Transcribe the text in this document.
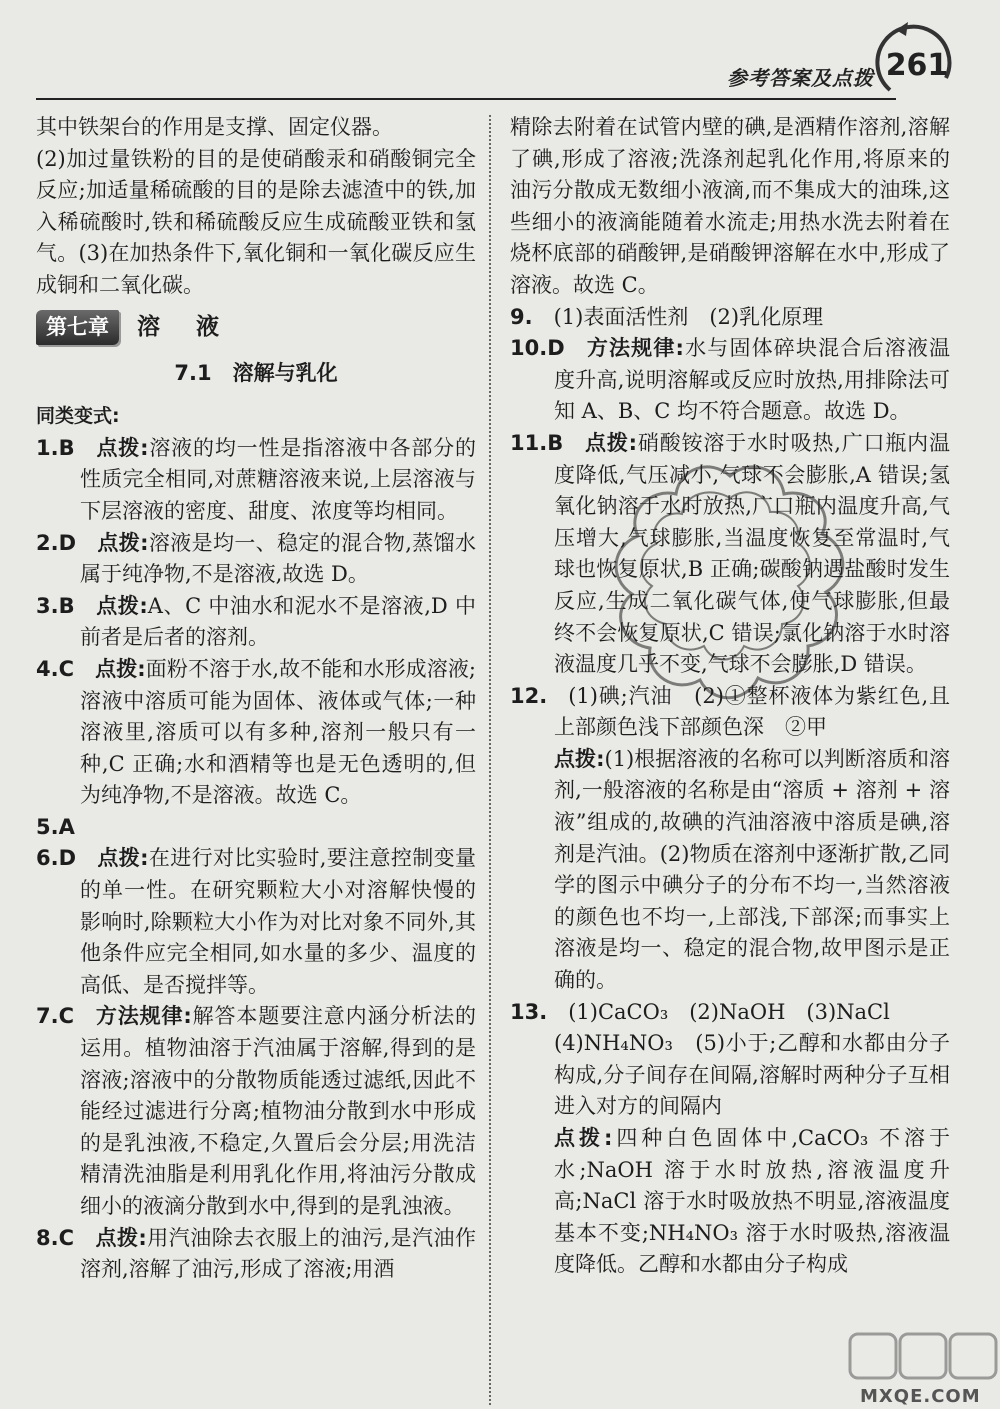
参考答案及点拨 261

其中铁架台的作用是支撑、固定仪器。

(2)加过量铁粉的目的是使硝酸汞和硝酸铜完全反应;加适量稀硫酸的目的是除去滤渣中的铁,加入稀硫酸时,铁和稀硫酸反应生成硫酸亚铁和氢气。(3)在加热条件下,氧化铜和一氧化碳反应生成铜和二氧化碳。

第七章	溶 液
7.1　溶解与乳化
同类变式:

1.B  点拨:溶液的均一性是指溶液中各部分的性质完全相同,对蔗糖溶液来说,上层溶液与下层溶液的密度、甜度、浓度等均相同。

2.D  点拨:溶液是均一、稳定的混合物,蒸馏水属于纯净物,不是溶液,故选 D。

3.B  点拨:A、C 中油水和泥水不是溶液,D 中前者是后者的溶剂。

4.C  点拨:面粉不溶于水,故不能和水形成溶液;溶液中溶质可能为固体、液体或气体;一种溶液里,溶质可以有多种,溶剂一般只有一种,C 正确;水和酒精等也是无色透明的,但为纯净物,不是溶液。故选 C。

5.A 

6.D  点拨:在进行对比实验时,要注意控制变量的单一性。在研究颗粒大小对溶解快慢的影响时,除颗粒大小作为对比对象不同外,其他条件应完全相同,如水量的多少、温度的高低、是否搅拌等。

7.C  方法规律:解答本题要注意内涵分析法的运用。植物油溶于汽油属于溶解,得到的是溶液;溶液中的分散物质能透过滤纸,因此不能经过滤进行分离;植物油分散到水中形成的是乳浊液,不稳定,久置后会分层;用洗洁精清洗油脂是利用乳化作用,将油污分散成细小的液滴分散到水中,得到的是乳浊液。

8.C  点拨:用汽油除去衣服上的油污,是汽油作溶剂,溶解了油污,形成了溶液;用酒

精除去附着在试管内壁的碘,是酒精作溶剂,溶解了碘,形成了溶液;洗涤剂起乳化作用,将原来的油污分散成无数细小液滴,而不集成大的油珠,这些细小的液滴能随着水流走;用热水洗去附着在烧杯底部的硝酸钾,是硝酸钾溶解在水中,形成了溶液。故选 C。

9.  (1)表面活性剂　(2)乳化原理

10.D  方法规律:水与固体碎块混合后溶液温度升高,说明溶解或反应时放热,用排除法可知 A、B、C 均不符合题意。故选 D。

11.B  点拨:硝酸铵溶于水时吸热,广口瓶内温度降低,气压减小,气球不会膨胀,A 错误;氢氧化钠溶于水时放热,广口瓶内温度升高,气压增大,气球膨胀,当温度恢复至常温时,气球也恢复原状,B 正确;碳酸钠遇盐酸时发生反应,生成二氧化碳气体,使气球膨胀,但最终不会恢复原状,C 错误;氯化钠溶于水时溶液温度几乎不变,气球不会膨胀,D 错误。

12.  (1)碘;汽油　(2)①整杯液体为紫红色,且上部颜色浅下部颜色深　②甲

点拨:(1)根据溶液的名称可以判断溶质和溶剂,一般溶液的名称是由“溶质 + 溶剂 + 溶液”组成的,故碘的汽油溶液中溶质是碘,溶剂是汽油。(2)物质在溶剂中逐渐扩散,乙同学的图示中碘分子的分布不均一,当然溶液的颜色也不均一,上部浅,下部深;而事实上溶液是均一、稳定的混合物,故甲图示是正确的。

13.  (1)CaCO₃　(2)NaOH　(3)NaCl

(4)NH₄NO₃　(5)小于;乙醇和水都由分子构成,分子间存在间隔,溶解时两种分子互相进入对方的间隔内

点拨:四种白色固体中,CaCO₃ 不溶于水;NaOH 溶于水时放热,溶液温度升高;NaCl 溶于水时吸放热不明显,溶液温度基本不变;NH₄NO₃ 溶于水时吸热,溶液温度降低。乙醇和水都由分子构成

MXQE.COM
